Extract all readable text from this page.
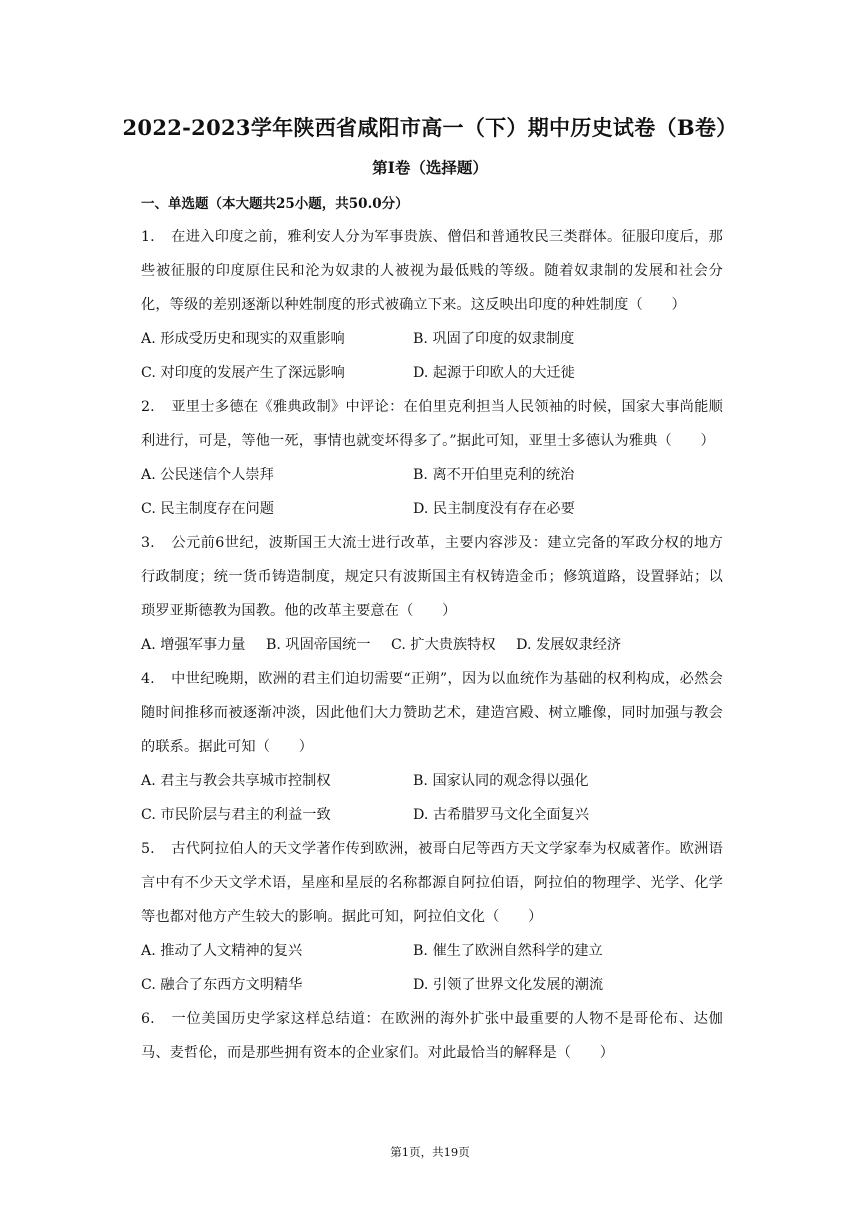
2022-2023学年陕西省咸阳市高一（下）期中历史试卷（B卷）
第Ⅰ卷（选择题）
一、单选题（本大题共25小题，共50.0分）
1. 在进入印度之前，雅利安人分为军事贵族、僧侣和普通牧民三类群体。征服印度后，那些被征服的印度原住民和沦为奴隶的人被视为最低贱的等级。随着奴隶制的发展和社会分化，等级的差别逐渐以种姓制度的形式被确立下来。这反映出印度的种姓制度（　　）
A. 形成受历史和现实的双重影响	B. 巩固了印度的奴隶制度
C. 对印度的发展产生了深远影响	D. 起源于印欧人的大迁徙
2. 亚里士多德在《雅典政制》中评论：在伯里克利担当人民领袖的时候，国家大事尚能顺利进行，可是，等他一死，事情也就变坏得多了。”据此可知，亚里士多德认为雅典（　　）
A. 公民迷信个人崇拜	B. 离不开伯里克利的统治
C. 民主制度存在问题	D. 民主制度没有存在必要
3. 公元前6世纪，波斯国王大流士进行改革，主要内容涉及：建立完备的军政分权的地方行政制度；统一货币铸造制度，规定只有波斯国主有权铸造金币；修筑道路，设置驿站；以琐罗亚斯德教为国教。他的改革主要意在（　　）
A. 增强军事力量 B. 巩固帝国统一 C. 扩大贵族特权 D. 发展奴隶经济
4. 中世纪晚期，欧洲的君主们迫切需要“正朔”，因为以血统作为基础的权利构成，必然会随时间推移而被逐渐冲淡，因此他们大力赞助艺术，建造宫殿、树立雕像，同时加强与教会的联系。据此可知（　　）
A. 君主与教会共享城市控制权	B. 国家认同的观念得以强化
C. 市民阶层与君主的利益一致	D. 古希腊罗马文化全面复兴
5. 古代阿拉伯人的天文学著作传到欧洲，被哥白尼等西方天文学家奉为权威著作。欧洲语言中有不少天文学术语，星座和星辰的名称都源自阿拉伯语，阿拉伯的物理学、光学、化学等也都对他方产生较大的影响。据此可知，阿拉伯文化（　　）
A. 推动了人文精神的复兴	B. 催生了欧洲自然科学的建立
C. 融合了东西方文明精华	D. 引领了世界文化发展的潮流
6. 一位美国历史学家这样总结道：在欧洲的海外扩张中最重要的人物不是哥伦布、达伽马、麦哲伦，而是那些拥有资本的企业家们。对此最恰当的解释是（　　）
第1页，共19页
